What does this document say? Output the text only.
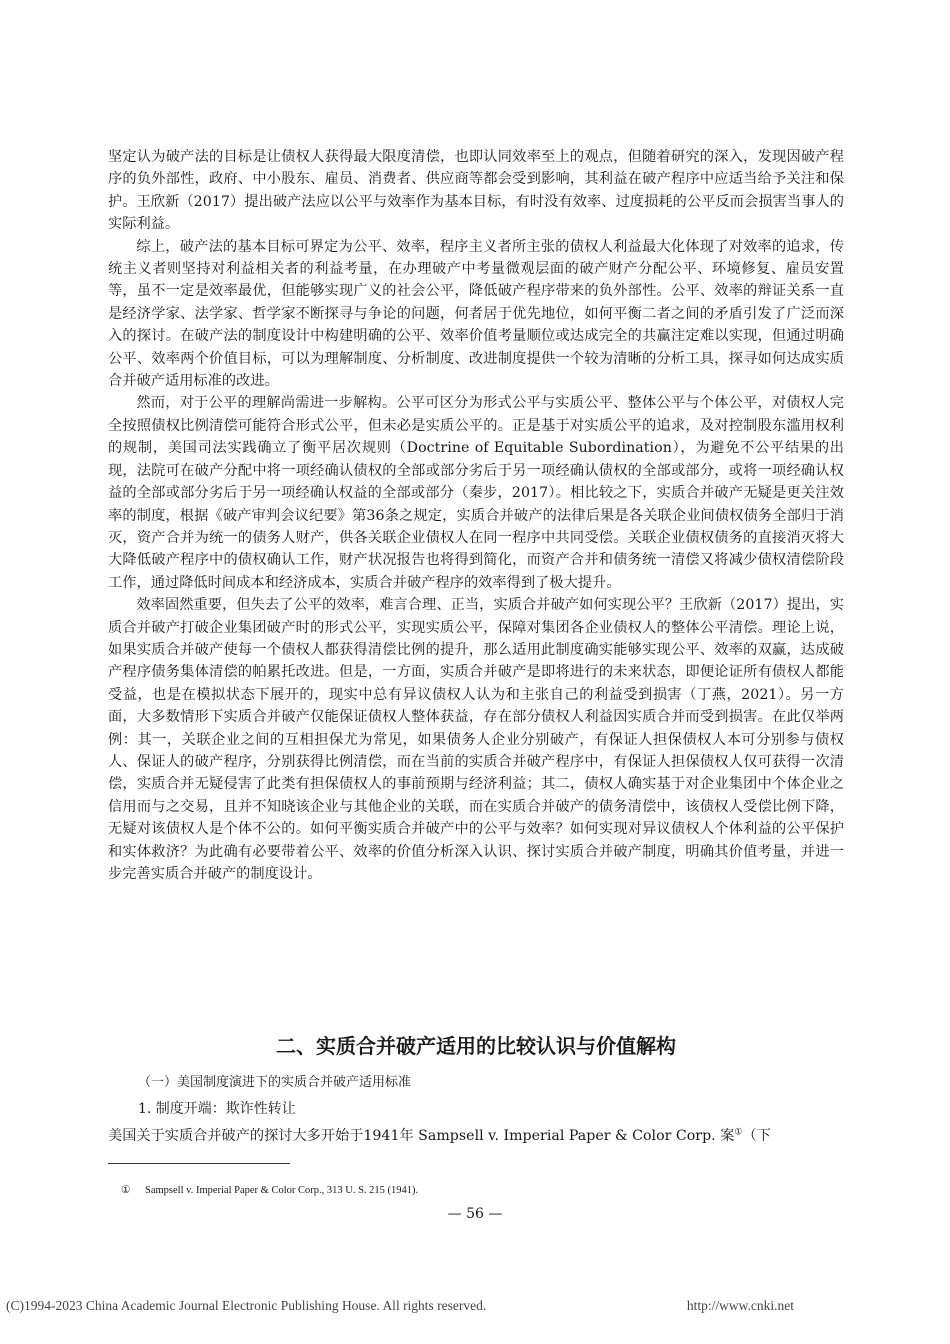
坚定认为破产法的目标是让债权人获得最大限度清偿，也即认同效率至上的观点，但随着研究的深入，发现因破产程序的负外部性，政府、中小股东、雇员、消费者、供应商等都会受到影响，其利益在破产程序中应适当给予关注和保护。王欣新（2017）提出破产法应以公平与效率作为基本目标，有时没有效率、过度损耗的公平反而会损害当事人的实际利益。

综上，破产法的基本目标可界定为公平、效率，程序主义者所主张的债权人利益最大化体现了对效率的追求，传统主义者则坚持对利益相关者的利益考量，在办理破产中考量微观层面的破产财产分配公平、环境修复、雇员安置等，虽不一定是效率最优，但能够实现广义的社会公平，降低破产程序带来的负外部性。公平、效率的辩证关系一直是经济学家、法学家、哲学家不断探寻与争论的问题，何者居于优先地位，如何平衡二者之间的矛盾引发了广泛而深入的探讨。在破产法的制度设计中构建明确的公平、效率价值考量顺位或达成完全的共赢注定难以实现，但通过明确公平、效率两个价值目标，可以为理解制度、分析制度、改进制度提供一个较为清晰的分析工具，探寻如何达成实质合并破产适用标准的改进。

然而，对于公平的理解尚需进一步解构。公平可区分为形式公平与实质公平、整体公平与个体公平，对债权人完全按照债权比例清偿可能符合形式公平，但未必是实质公平的。正是基于对实质公平的追求，及对控制股东滥用权利的规制，美国司法实践确立了衡平居次规则（Doctrine of Equitable Subordination），为避免不公平结果的出现，法院可在破产分配中将一项经确认债权的全部或部分劣后于另一项经确认债权的全部或部分，或将一项经确认权益的全部或部分劣后于另一项经确认权益的全部或部分（秦步，2017）。相比较之下，实质合并破产无疑是更关注效率的制度，根据《破产审判会议纪要》第36条之规定，实质合并破产的法律后果是各关联企业间债权债务全部归于消灭，资产合并为统一的债务人财产，供各关联企业债权人在同一程序中共同受偿。关联企业债权债务的直接消灭将大大降低破产程序中的债权确认工作，财产状况报告也将得到简化，而资产合并和债务统一清偿又将减少债权清偿阶段工作，通过降低时间成本和经济成本，实质合并破产程序的效率得到了极大提升。

效率固然重要，但失去了公平的效率，难言合理、正当，实质合并破产如何实现公平？王欣新（2017）提出，实质合并破产打破企业集团破产时的形式公平，实现实质公平，保障对集团各企业债权人的整体公平清偿。理论上说，如果实质合并破产使每一个债权人都获得清偿比例的提升，那么适用此制度确实能够实现公平、效率的双赢，达成破产程序债务集体清偿的帕累托改进。但是，一方面，实质合并破产是即将进行的未来状态，即便论证所有债权人都能受益，也是在模拟状态下展开的，现实中总有异议债权人认为和主张自己的利益受到损害（丁燕，2021）。另一方面，大多数情形下实质合并破产仅能保证债权人整体获益，存在部分债权人利益因实质合并而受到损害。在此仅举两例：其一，关联企业之间的互相担保尤为常见，如果债务人企业分别破产，有保证人担保债权人本可分别参与债权人、保证人的破产程序，分别获得比例清偿，而在当前的实质合并破产程序中，有保证人担保债权人仅可获得一次清偿，实质合并无疑侵害了此类有担保债权人的事前预期与经济利益；其二，债权人确实基于对企业集团中个体企业之信用而与之交易，且并不知晓该企业与其他企业的关联，而在实质合并破产的债务清偿中，该债权人受偿比例下降，无疑对该债权人是个体不公的。如何平衡实质合并破产中的公平与效率？如何实现对异议债权人个体利益的公平保护和实体救济？为此确有必要带着公平、效率的价值分析深入认识、探讨实质合并破产制度，明确其价值考量，并进一步完善实质合并破产的制度设计。

二、实质合并破产适用的比较认识与价值解构
（一）美国制度演进下的实质合并破产适用标准
1. 制度开端：欺诈性转让
美国关于实质合并破产的探讨大多开始于1941年 Sampsell v. Imperial Paper & Color Corp. 案①（下
① Sampsell v. Imperial Paper & Color Corp., 313 U. S. 215 (1941).
— 56 —
(C)1994-2023 China Academic Journal Electronic Publishing House. All rights reserved.	http://www.cnki.net
